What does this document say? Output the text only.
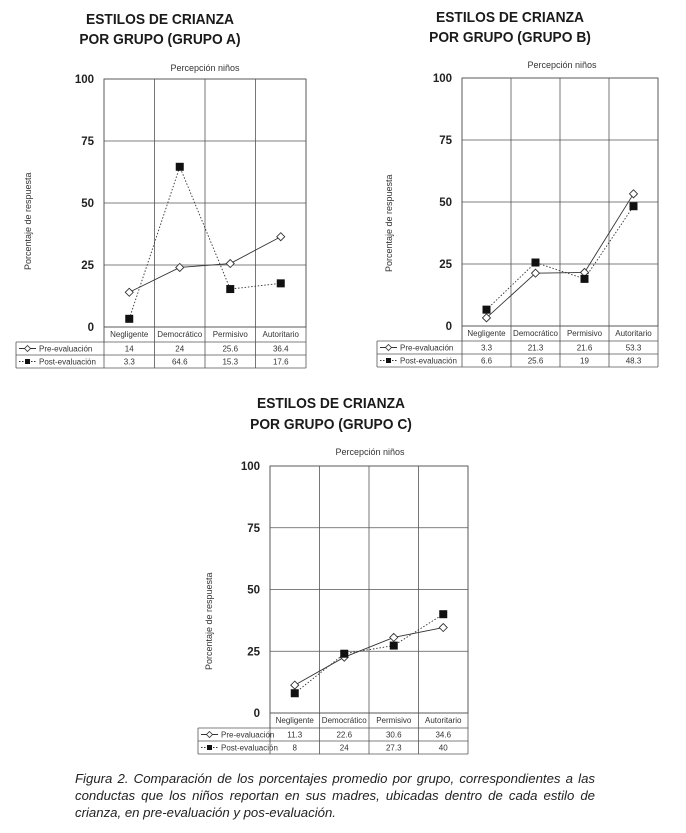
ESTILOS DE CRIANZA
POR GRUPO (GRUPO A)
Percepción niños
Porcentaje de respuesta
100
75
50
25
0
Negligente Democrático Permisivo Autoritario
Pre-evaluación	14	24	25.6	36.4
Post-evaluación	3.3	64.6	15.3	17.6
ESTILOS DE CRIANZA
POR GRUPO (GRUPO B)
Percepción niños
Porcentaje de respuesta
100
75
50
25
0
Negligente Democrático Permisivo Autoritario
Pre-evaluación	3.3	21.3	21.6	53.3
Post-evaluación	6.6	25.6	19	48.3
ESTILOS DE CRIANZA
POR GRUPO (GRUPO C)
Percepción niños
Porcentaje de respuesta
100
75
50
25
0
Negligente Democrático Permisivo Autoritario
Pre-evaluación 11.3	22.6	30.6	34.6
Post-evaluación 8	24	27.3	40
Figura 2. Comparación de los porcentajes promedio por grupo, correspondientes a las conductas que los niños reportan en sus madres, ubicadas dentro de cada estilo de crianza, en pre-evaluación y pos-evaluación.
